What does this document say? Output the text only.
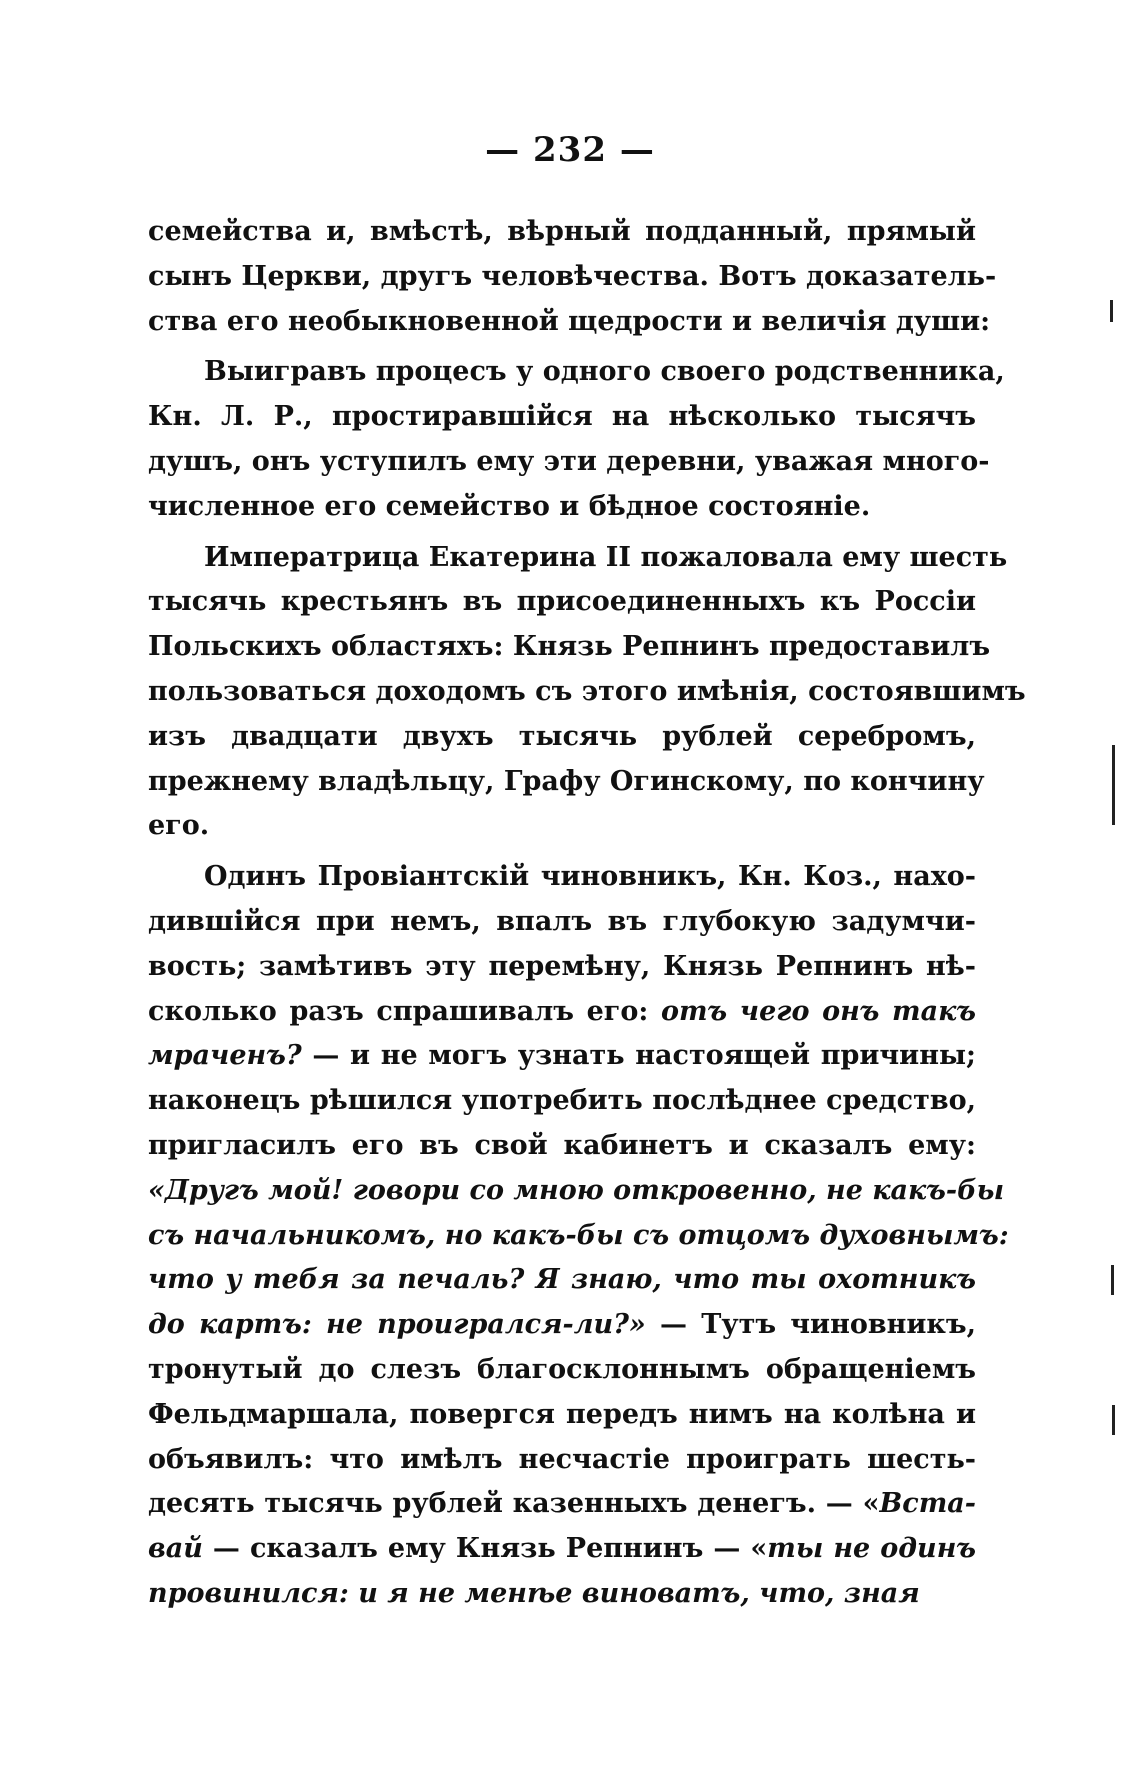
— 232 —
семейства и, вмѣстѣ, вѣрный подданный, прямый
сынъ Церкви, другъ человѣчества. Вотъ доказатель-
ства его необыкновенной щедрости и величія души:
Выигравъ процесъ у одного своего родственника,
Кн. Л. Р., простиравшійся на нѣсколько тысячъ
душъ, онъ уступилъ ему эти деревни, уважая много-
численное его семейство и бѣдное состояніе.
Императрица Екатерина II пожаловала ему шесть
тысячь крестьянъ въ присоединенныхъ къ Россіи
Польскихъ областяхъ: Князь Репнинъ предоставилъ
пользоваться доходомъ съ этого имѣнія, состоявшимъ
изъ двадцати двухъ тысячь рублей серебромъ,
прежнему владѣльцу, Графу Огинскому, по кончину
его.
Одинъ Провіантскій чиновникъ, Кн. Коз., нахо-
дившійся при немъ, впалъ въ глубокую задумчи-
вость; замѣтивъ эту перемѣну, Князь Репнинъ нѣ-
сколько разъ спрашивалъ его: отъ чего онъ такъ
мраченъ? — и не могъ узнать настоящей причины;
наконецъ рѣшился употребить послѣднее средство,
пригласилъ его въ свой кабинетъ и сказалъ ему:
«Другъ мой! говори со мною откровенно, не какъ-бы
съ начальникомъ, но какъ-бы съ отцомъ духовнымъ:
что у тебя за печаль? Я знаю, что ты охотникъ
до картъ: не проигрался-ли?» — Тутъ чиновникъ,
тронутый до слезъ благосклоннымъ обращеніемъ
Фельдмаршала, повергся передъ нимъ на колѣна и
объявилъ: что имѣлъ несчастіе проиграть шесть-
десять тысячь рублей казенныхъ денегъ. — «Вста-
вай — сказалъ ему Князь Репнинъ — «ты не одинъ
провинился: и я не менѣе виноватъ, что, зная
